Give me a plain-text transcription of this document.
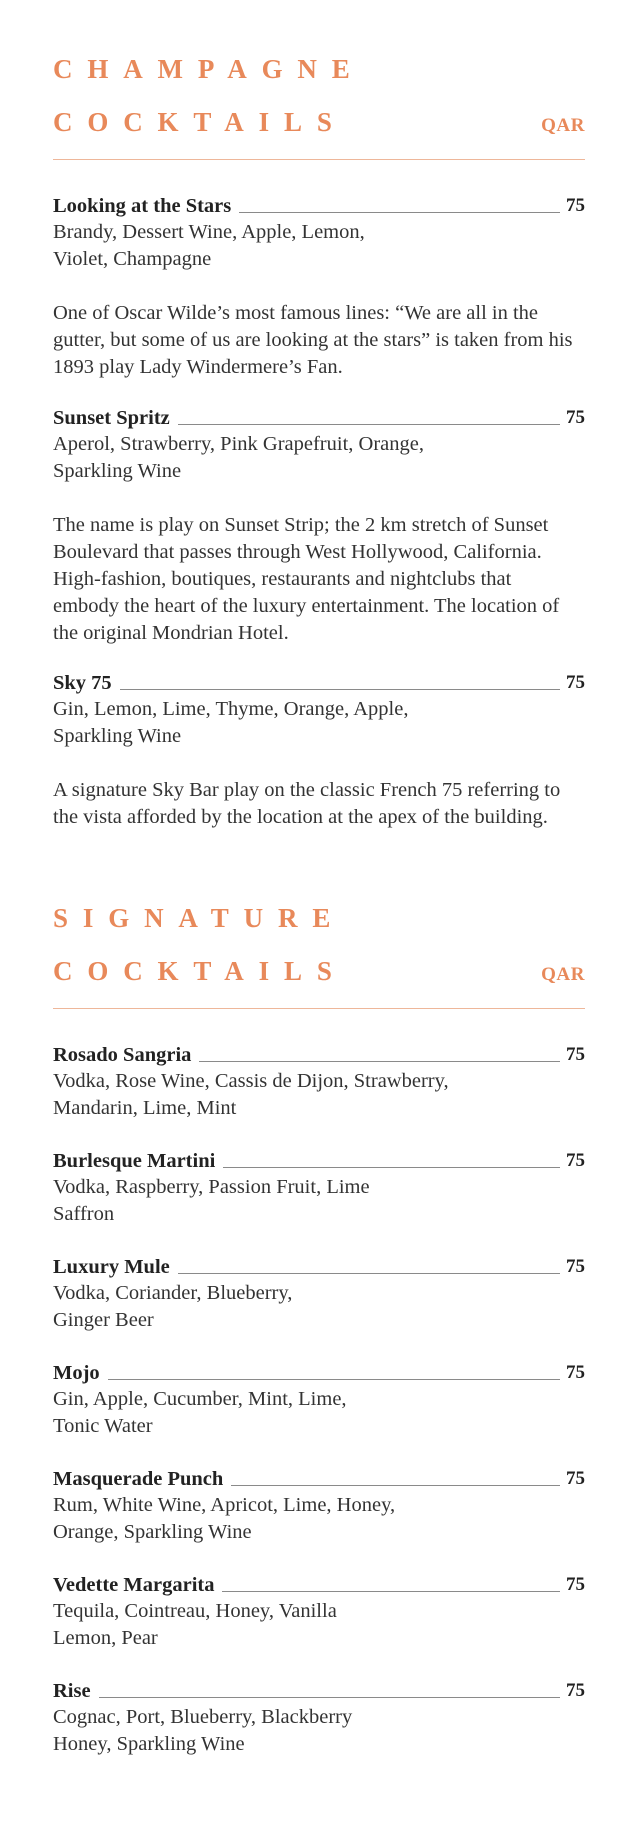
CHAMPAGNE
COCKTAILS	QAR
Looking at the Stars	75
Brandy, Dessert Wine, Apple, Lemon,
Violet, Champagne
One of Oscar Wilde’s most famous lines: “We are all in the
gutter, but some of us are looking at the stars” is taken from his
1893 play Lady Windermere’s Fan.
Sunset Spritz	75
Aperol, Strawberry, Pink Grapefruit, Orange,
Sparkling Wine
The name is play on Sunset Strip; the 2 km stretch of Sunset
Boulevard that passes through West Hollywood, California.
High-fashion, boutiques, restaurants and nightclubs that
embody the heart of the luxury entertainment. The location of
the original Mondrian Hotel.
Sky 75	75
Gin, Lemon, Lime, Thyme, Orange, Apple,
Sparkling Wine
A signature Sky Bar play on the classic French 75 referring to
the vista afforded by the location at the apex of the building.
SIGNATURE
COCKTAILS	QAR
Rosado Sangria	75
Vodka, Rose Wine, Cassis de Dijon, Strawberry,
Mandarin, Lime, Mint
Burlesque Martini	75
Vodka, Raspberry, Passion Fruit, Lime
Saffron
Luxury Mule	75
Vodka, Coriander, Blueberry,
Ginger Beer
Mojo	75
Gin, Apple, Cucumber, Mint, Lime,
Tonic Water
Masquerade Punch	75
Rum, White Wine, Apricot, Lime, Honey,
Orange, Sparkling Wine
Vedette Margarita	75
Tequila, Cointreau, Honey, Vanilla
Lemon, Pear
Rise	75
Cognac, Port, Blueberry, Blackberry
Honey, Sparkling Wine
